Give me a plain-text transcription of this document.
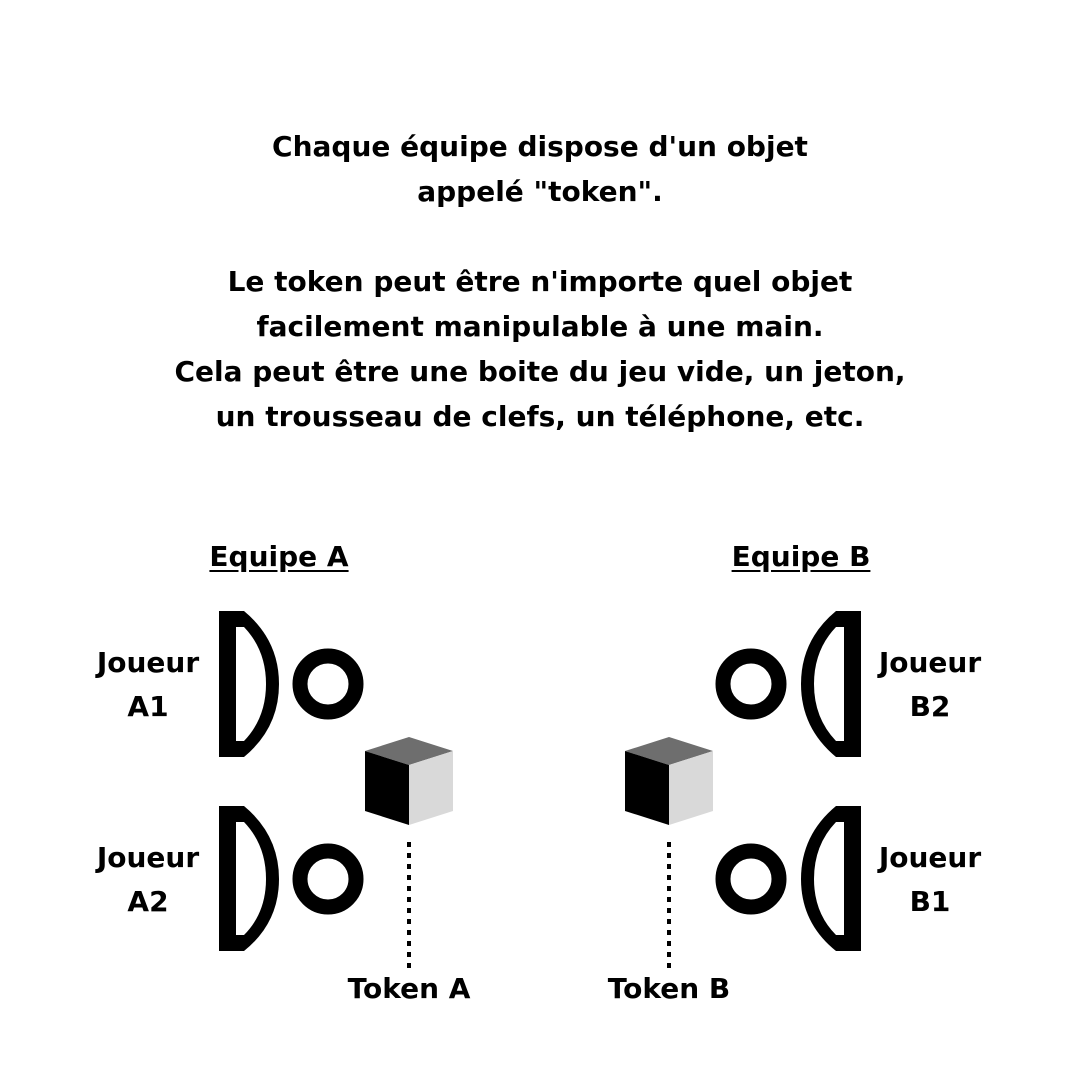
Chaque équipe dispose d'un objet
appelé "token".
Le token peut être n'importe quel objet
facilement manipulable à une main.
Cela peut être une boite du jeu vide, un jeton,
un trousseau de clefs, un téléphone, etc.
Equipe A	Equipe B
Joueur
A1
Joueur
A2
Joueur
B2
Joueur
B1
Token A	Token B
